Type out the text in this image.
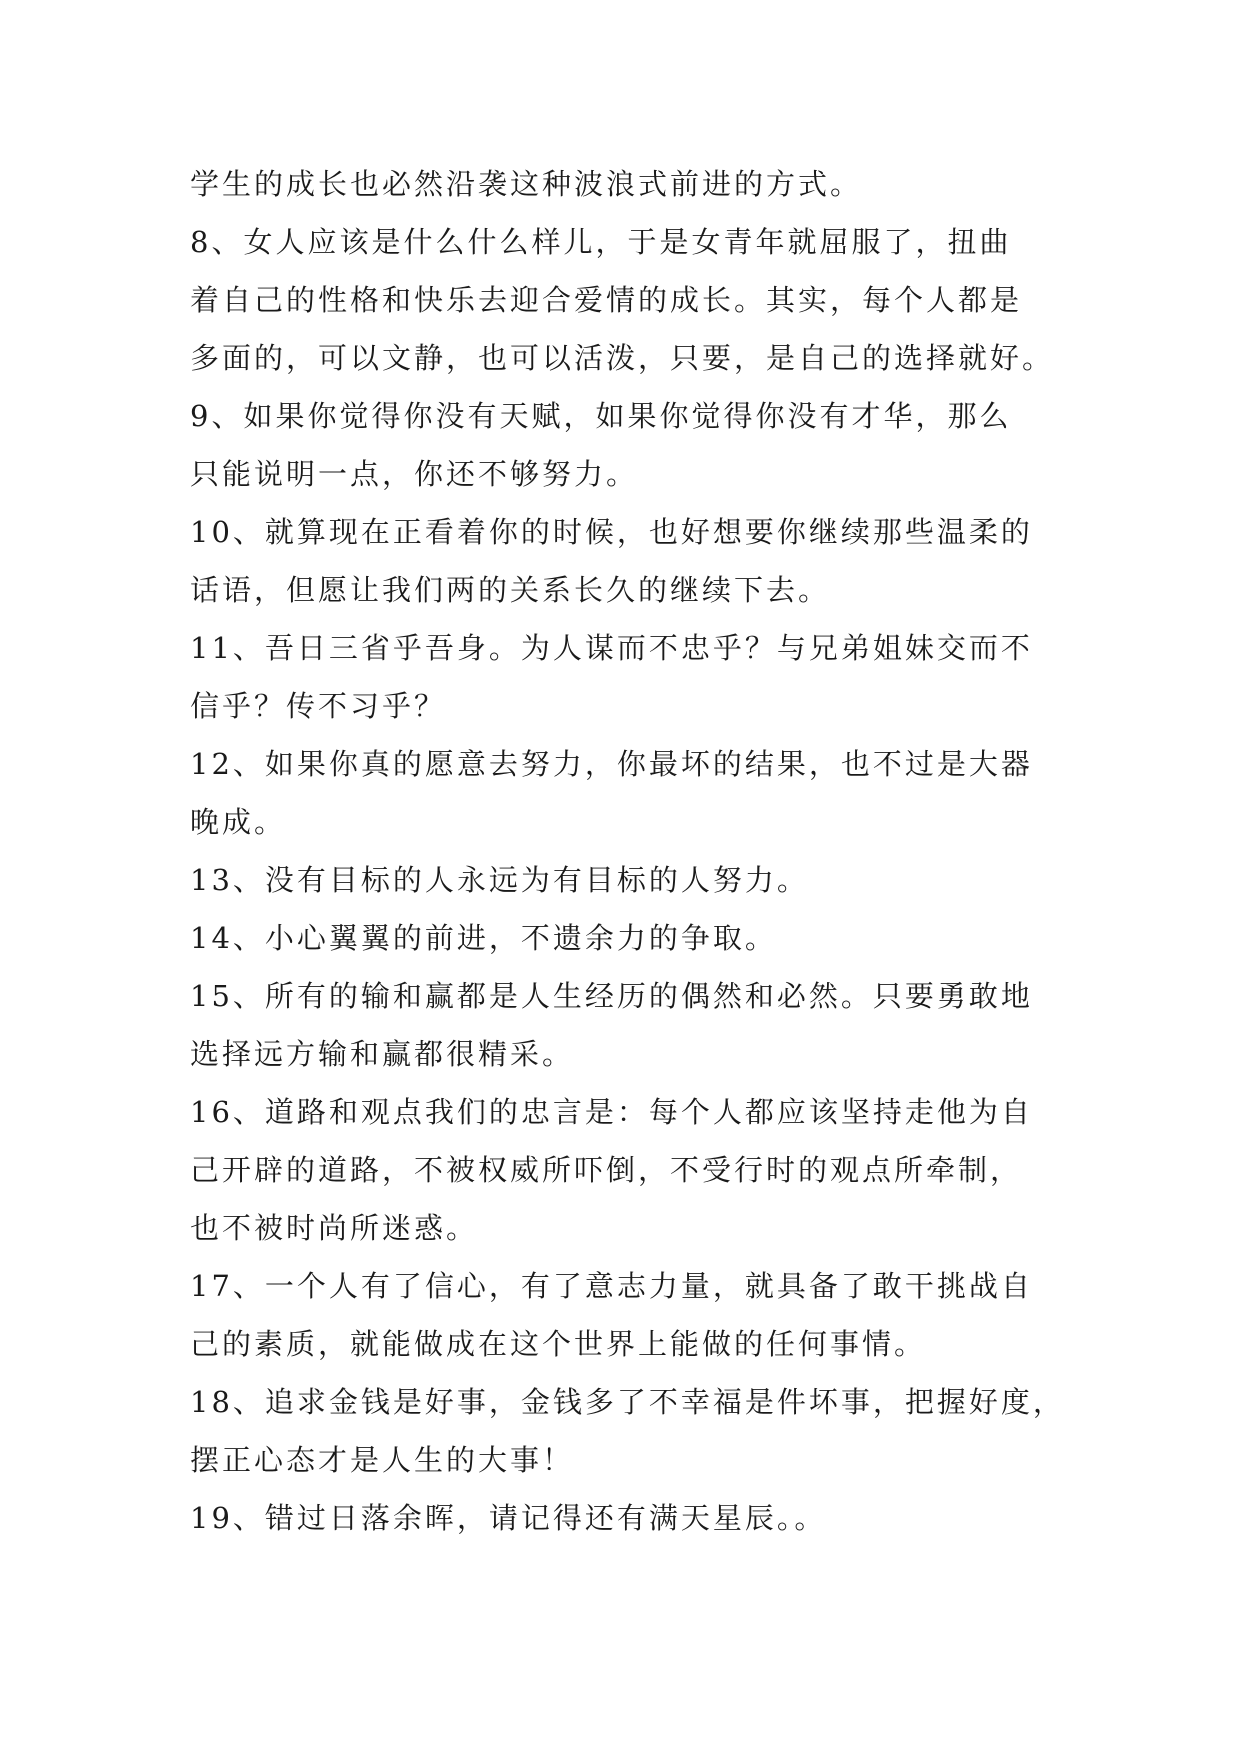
学生的成长也必然沿袭这种波浪式前进的方式。
8、女人应该是什么什么样儿，于是女青年就屈服了，扭曲
着自己的性格和快乐去迎合爱情的成长。其实，每个人都是
多面的，可以文静，也可以活泼，只要，是自己的选择就好。
9、如果你觉得你没有天赋，如果你觉得你没有才华，那么
只能说明一点，你还不够努力。
10、就算现在正看着你的时候，也好想要你继续那些温柔的
话语，但愿让我们两的关系长久的继续下去。
11、吾日三省乎吾身。为人谋而不忠乎？与兄弟姐妹交而不
信乎？传不习乎？
12、如果你真的愿意去努力，你最坏的结果，也不过是大器
晚成。
13、没有目标的人永远为有目标的人努力。
14、小心翼翼的前进，不遗余力的争取。
15、所有的输和赢都是人生经历的偶然和必然。只要勇敢地
选择远方输和赢都很精采。
16、道路和观点我们的忠言是：每个人都应该坚持走他为自
己开辟的道路，不被权威所吓倒，不受行时的观点所牵制，
也不被时尚所迷惑。
17、一个人有了信心，有了意志力量，就具备了敢干挑战自
己的素质，就能做成在这个世界上能做的任何事情。
18、追求金钱是好事，金钱多了不幸福是件坏事，把握好度，
摆正心态才是人生的大事！
19、错过日落余晖，请记得还有满天星辰。。
